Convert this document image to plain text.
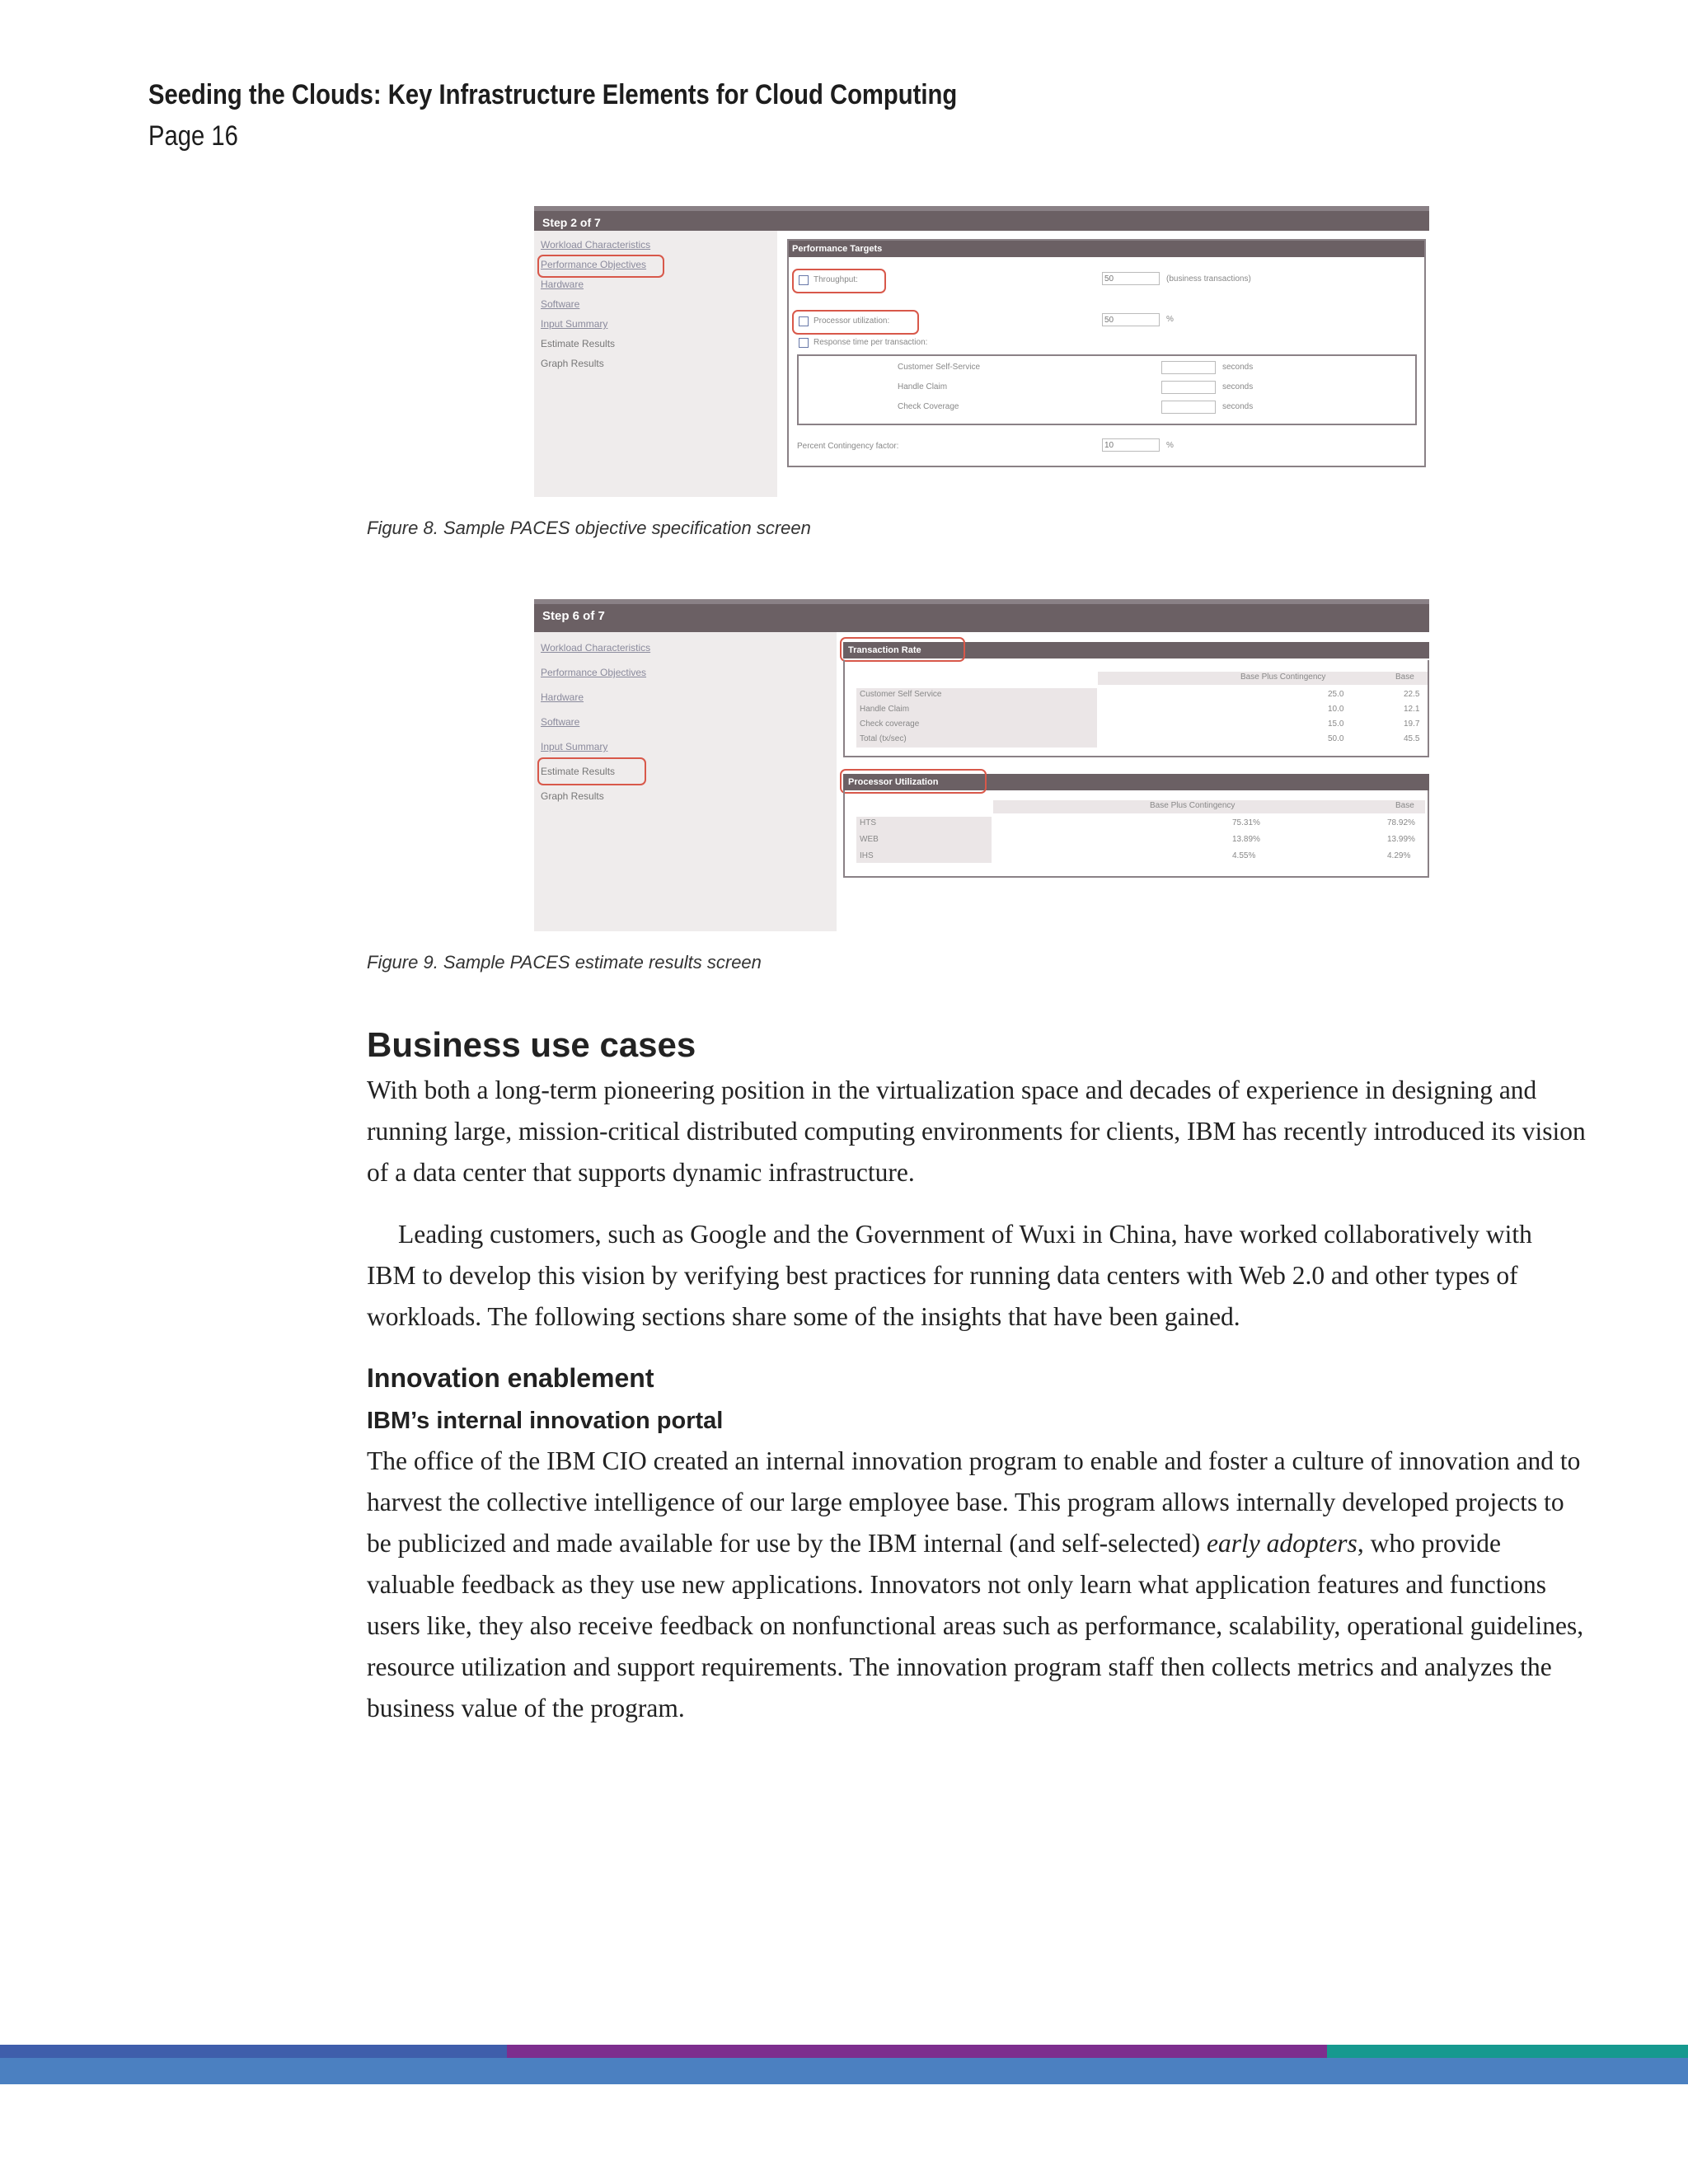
Seeding the Clouds: Key Infrastructure Elements for Cloud Computing
Page 16
Step 2 of 7
Workload Characteristics
Performance Objectives
Hardware
Software
Input Summary
Estimate Results
Graph Results
Performance Targets
Throughput:	50	(business transactions)
Processor utilization:	50	%
Response time per transaction:
Customer Self-Service	seconds
Handle Claim	seconds
Check Coverage	seconds
Percent Contingency factor:	10	%
Figure 8. Sample PACES objective specification screen
Step 6 of 7
Workload Characteristics
Performance Objectives
Hardware
Software
Input Summary
Estimate Results
Graph Results
Transaction Rate
Base Plus Contingency	Base
Customer Self Service	25.0	22.5
Handle Claim	10.0	12.1
Check coverage	15.0	19.7
Total (tx/sec)	50.0	45.5
Processor Utilization
Base Plus Contingency	Base
HTS	75.31%	78.92%
WEB	13.89%	13.99%
IHS	4.55%	4.29%
Figure 9. Sample PACES estimate results screen
Business use cases

With both a long-term pioneering position in the virtualization space and decades of experience in designing and running large, mission-critical distributed computing environments for clients, IBM has recently introduced its vision of a data center that supports dynamic infrastructure.

Leading customers, such as Google and the Government of Wuxi in China, have worked collaboratively with IBM to develop this vision by verifying best practices for running data centers with Web 2.0 and other types of workloads. The following sections share some of the insights that have been gained.

Innovation enablement
IBM’s internal innovation portal

The office of the IBM CIO created an internal innovation program to enable and foster a culture of innovation and to harvest the collective intelligence of our large employee base. This program allows internally developed projects to be publicized and made available for use by the IBM internal (and self-selected) early adopters, who provide valuable feedback as they use new applications. Innovators not only learn what application features and functions users like, they also receive feedback on nonfunctional areas such as performance, scalability, operational guidelines, resource utilization and support requirements. The innovation program staff then collects metrics and analyzes the business value of the program.
